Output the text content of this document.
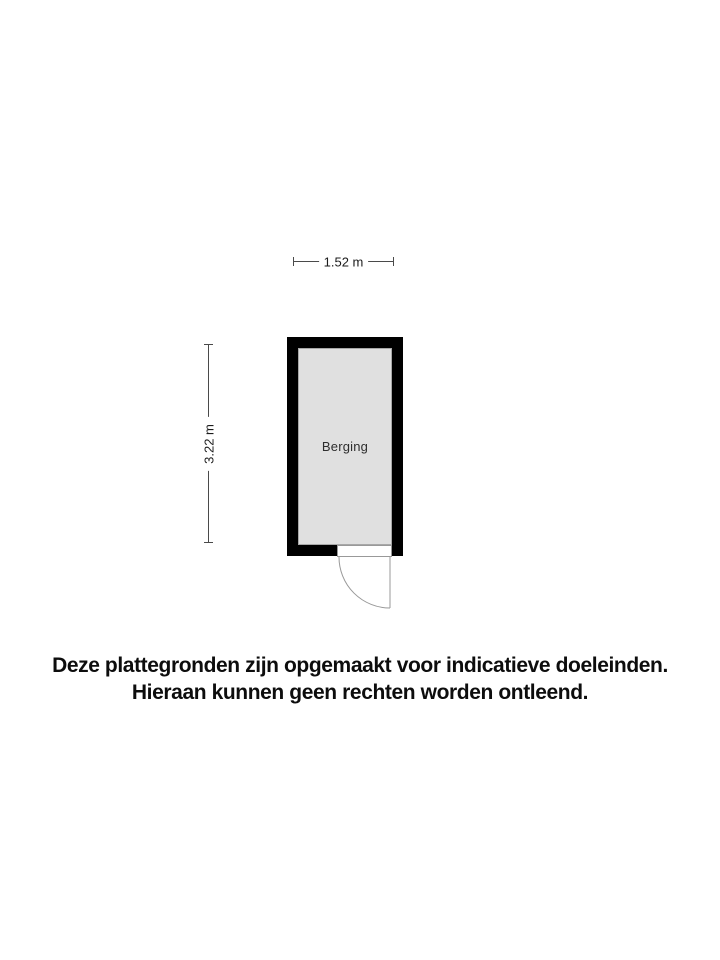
1.52 m
3.22 m	Berging
Deze plattegronden zijn opgemaakt voor indicatieve doeleinden.
Hieraan kunnen geen rechten worden ontleend.
